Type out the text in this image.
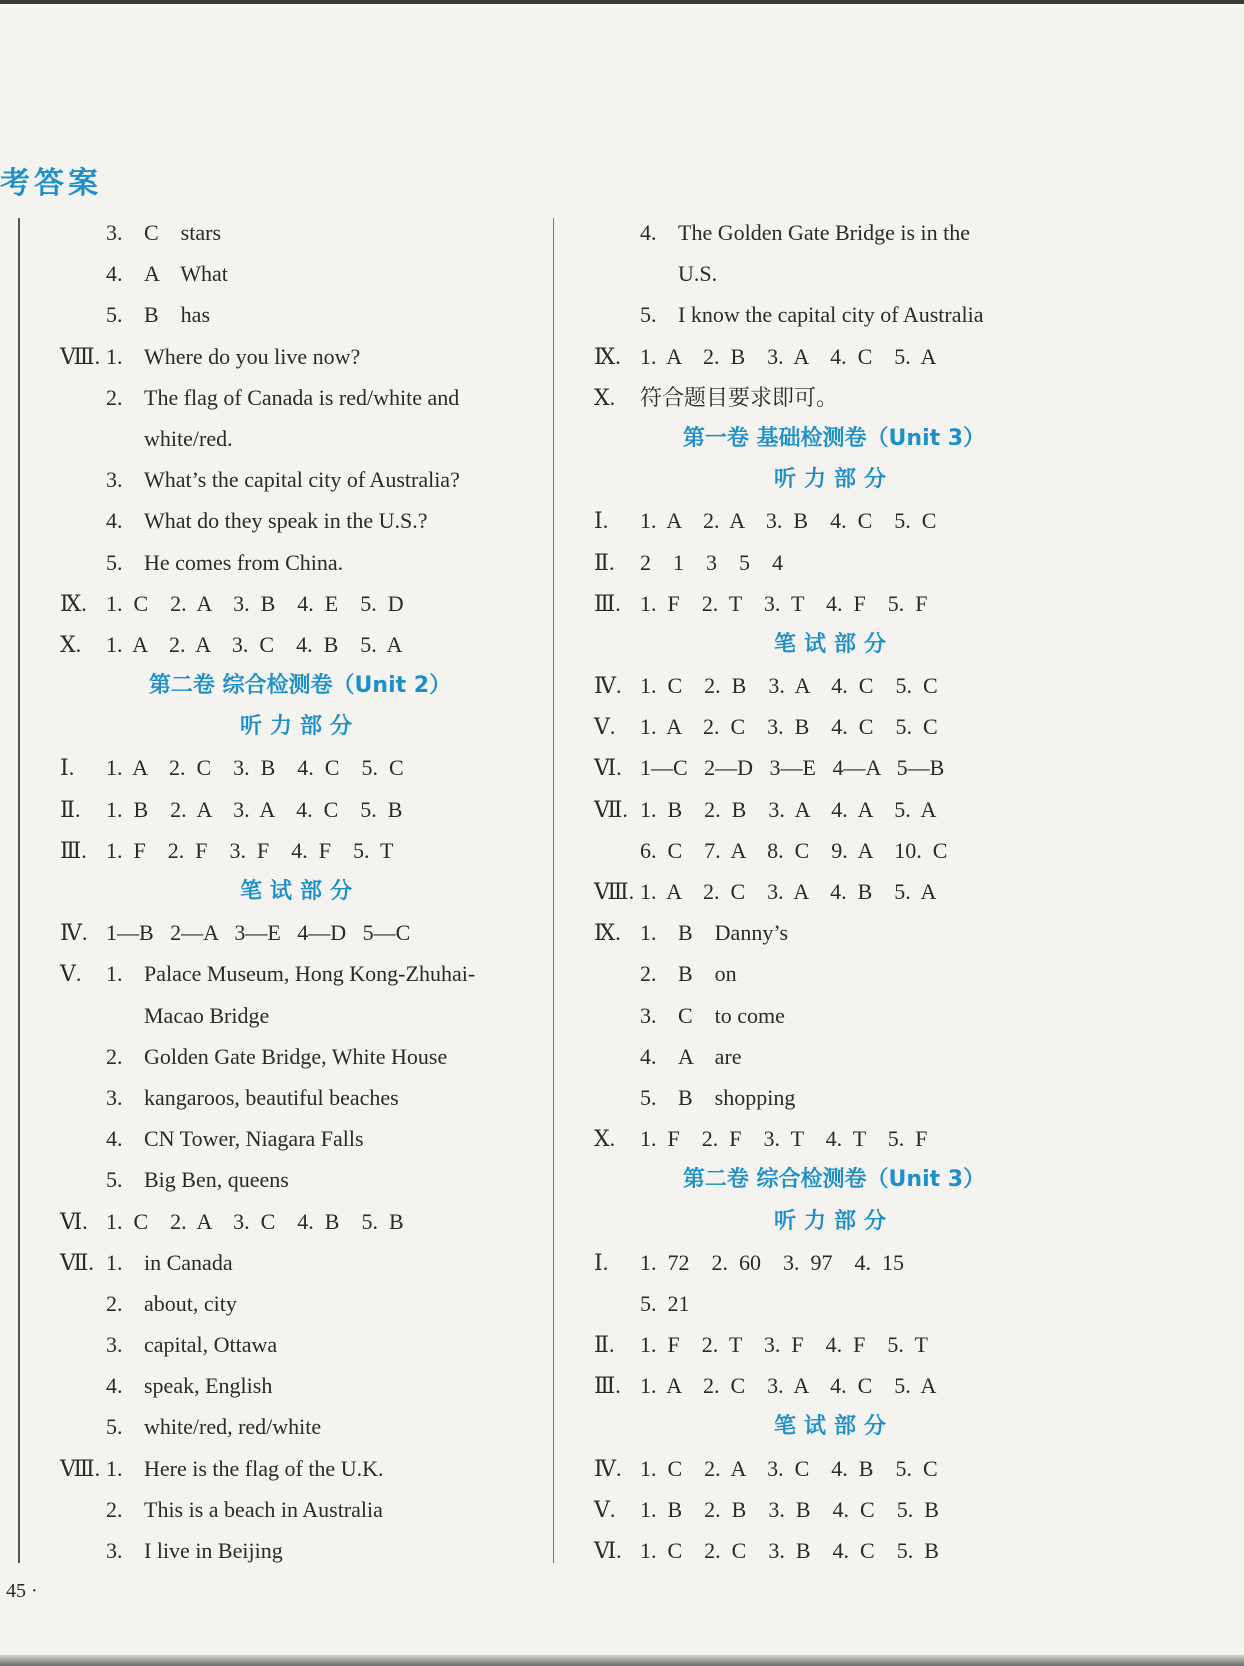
考答案
3. C    stars
4. A    What
5. B    has
Ⅷ. 1. Where do you live now?
2. The flag of Canada is red/white and
white/red.
3. What’s the capital city of Australia?
4. What do they speak in the U.S.?
5. He comes from China.
Ⅸ. 1.  C    2.  A    3.  B    4.  E    5.  D
Ⅹ. 1.  A    2.  A    3.  C    4.  B    5.  A
第二卷 综合检测卷（Unit 2）
听力部分
Ⅰ. 1.  A    2.  C    3.  B    4.  C    5.  C
Ⅱ. 1.  B    2.  A    3.  A    4.  C    5.  B
Ⅲ. 1.  F    2.  F    3.  F    4.  F    5.  T
笔试部分
Ⅳ. 1—B   2—A   3—E   4—D   5—C
Ⅴ. 1. Palace Museum, Hong Kong-Zhuhai-
Macao Bridge
2. Golden Gate Bridge, White House
3. kangaroos, beautiful beaches
4. CN Tower, Niagara Falls
5. Big Ben, queens
Ⅵ. 1.  C    2.  A    3.  C    4.  B    5.  B
Ⅶ. 1. in Canada
2. about, city
3. capital, Ottawa
4. speak, English
5. white/red, red/white
Ⅷ. 1. Here is the flag of the U.K.
2. This is a beach in Australia
3. I live in Beijing
4. The Golden Gate Bridge is in the
U.S.
5. I know the capital city of Australia
Ⅸ. 1.  A    2.  B    3.  A    4.  C    5.  A
Ⅹ. 符合题目要求即可。
第一卷 基础检测卷（Unit 3）
听力部分
Ⅰ. 1.  A    2.  A    3.  B    4.  C    5.  C
Ⅱ. 2    1    3    5    4
Ⅲ. 1.  F    2.  T    3.  T    4.  F    5.  F
笔试部分
Ⅳ. 1.  C    2.  B    3.  A    4.  C    5.  C
Ⅴ. 1.  A    2.  C    3.  B    4.  C    5.  C
Ⅵ. 1—C   2—D   3—E   4—A   5—B
Ⅶ. 1.  B    2.  B    3.  A    4.  A    5.  A
6.  C    7.  A    8.  C    9.  A    10.  C
Ⅷ. 1.  A    2.  C    3.  A    4.  B    5.  A
Ⅸ. 1. B    Danny’s
2. B    on
3. C    to come
4. A    are
5. B    shopping
Ⅹ. 1.  F    2.  F    3.  T    4.  T    5.  F
第二卷 综合检测卷（Unit 3）
听力部分
Ⅰ. 1.  72    2.  60    3.  97    4.  15
5.  21
Ⅱ. 1.  F    2.  T    3.  F    4.  F    5.  T
Ⅲ. 1.  A    2.  C    3.  A    4.  C    5.  A
笔试部分
Ⅳ. 1.  C    2.  A    3.  C    4.  B    5.  C
Ⅴ. 1.  B    2.  B    3.  B    4.  C    5.  B
Ⅵ. 1.  C    2.  C    3.  B    4.  C    5.  B
45 ·
